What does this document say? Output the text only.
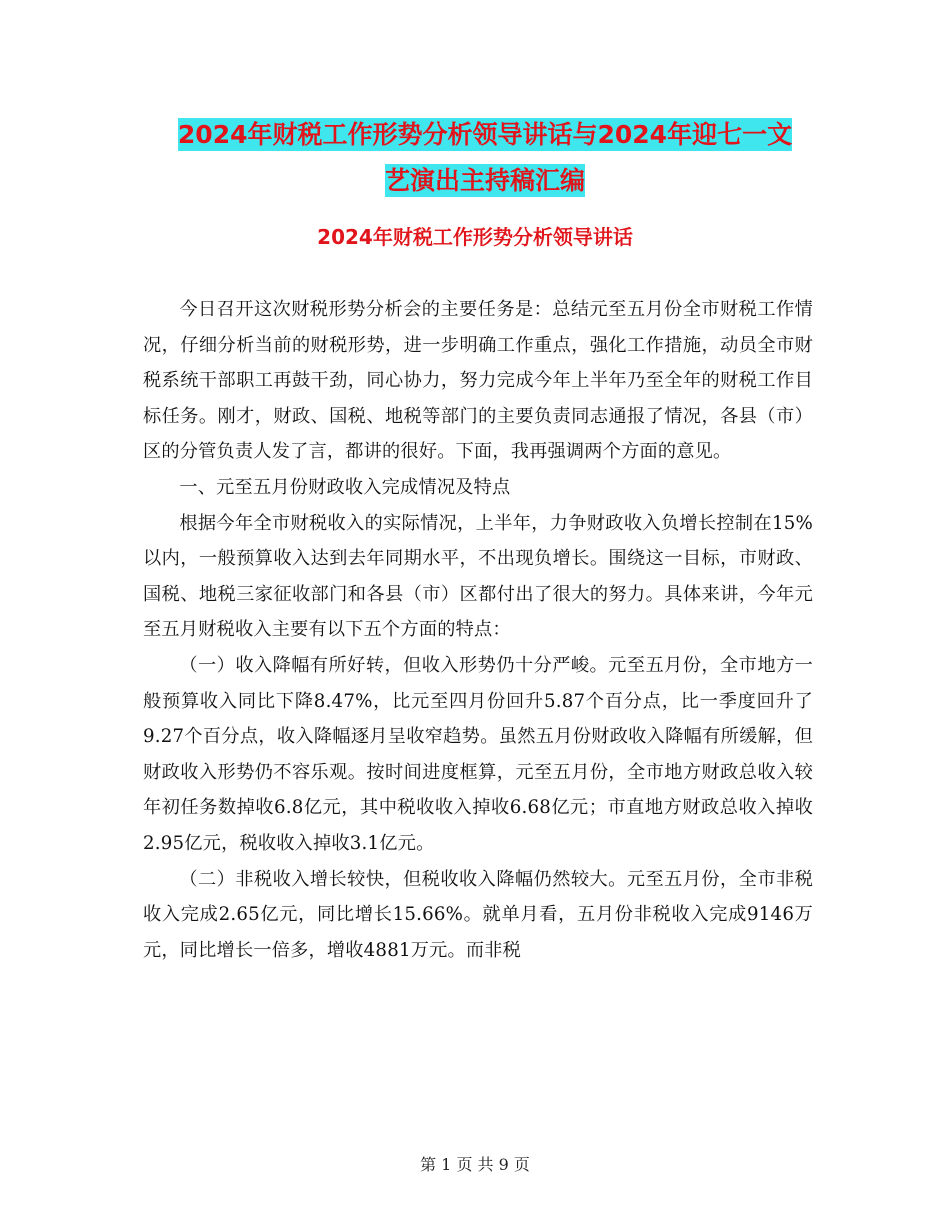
2024年财税工作形势分析领导讲话与2024年迎七一文
艺演出主持稿汇编
2024年财税工作形势分析领导讲话

今日召开这次财税形势分析会的主要任务是：总结元至五月份全市财税工作情况，仔细分析当前的财税形势，进一步明确工作重点，强化工作措施，动员全市财税系统干部职工再鼓干劲，同心协力，努力完成今年上半年乃至全年的财税工作目标任务。刚才，财政、国税、地税等部门的主要负责同志通报了情况，各县（市）区的分管负责人发了言，都讲的很好。下面，我再强调两个方面的意见。

一、元至五月份财政收入完成情况及特点

根据今年全市财税收入的实际情况，上半年，力争财政收入负增长控制在15%以内，一般预算收入达到去年同期水平，不出现负增长。围绕这一目标，市财政、国税、地税三家征收部门和各县（市）区都付出了很大的努力。具体来讲，今年元至五月财税收入主要有以下五个方面的特点：

（一）收入降幅有所好转，但收入形势仍十分严峻。元至五月份，全市地方一般预算收入同比下降8.47%，比元至四月份回升5.87个百分点，比一季度回升了9.27个百分点，收入降幅逐月呈收窄趋势。虽然五月份财政收入降幅有所缓解，但财政收入形势仍不容乐观。按时间进度框算，元至五月份，全市地方财政总收入较年初任务数掉收6.8亿元，其中税收收入掉收6.68亿元；市直地方财政总收入掉收2.95亿元，税收收入掉收3.1亿元。

（二）非税收入增长较快，但税收收入降幅仍然较大。元至五月份，全市非税收入完成2.65亿元，同比增长15.66%。就单月看，五月份非税收入完成9146万元，同比增长一倍多，增收4881万元。而非税

第 1 页 共 9 页
